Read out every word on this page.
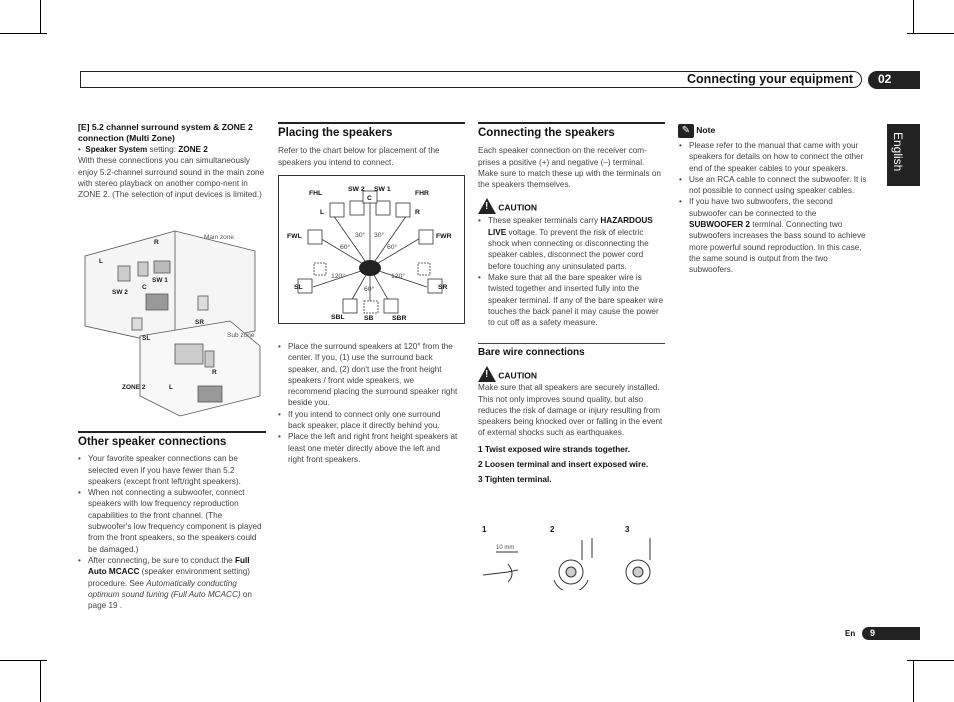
Connecting your equipment	02
English

[E] 5.2 channel surround system & ZONE 2 connection (Multi Zone)

•  Speaker System setting: ZONE 2

With these connections you can simultaneously enjoy 5.2-channel surround sound in the main zone with stereo playback on another compo-nent in ZONE 2. (The selection of input devices is limited.)

Main zone
Sub zone
L
R
C
SW 2
SW 1
SL
SR
ZONE 2	L
R

Other speaker connections

• Your favorite speaker connections can be selected even if you have fewer than 5.2 speakers (except front left/right speakers).
• When not connecting a subwoofer, connect speakers with low frequency reproduction capabilities to the front channel. (The subwoofer's low frequency component is played from the front speakers, so the speakers could be damaged.)
• After connecting, be sure to conduct the Full Auto MCACC (speaker environment setting) procedure. See Automatically conducting optimum sound tuning (Full Auto MCACC) on page 19 .

Placing the speakers

Refer to the chart below for placement of the speakers you intend to connect.

FHL
SW 2 SW 1
FHR
C
L	R
FWL	FWR
SL	SR
SBL	SB	SBR
30° 30°
60°	60°
120°	120°
60°
• Place the surround speakers at 120° from the center. If you, (1) use the surround back speaker, and, (2) don't use the front height speakers / front wide speakers, we recommend placing the surround speaker right beside you.
• If you intend to connect only one surround back speaker, place it directly behind you.
• Place the left and right front height speakers at least one meter directly above the left and right front speakers.

Connecting the speakers

Each speaker connection on the receiver com-prises a positive (+) and negative (–) terminal. Make sure to match these up with the terminals on the speakers themselves.

! CAUTION

• These speaker terminals carry HAZARDOUS LIVE voltage. To prevent the risk of electric shock when connecting or disconnecting the speaker cables, disconnect the power cord before touching any uninsulated parts.
• Make sure that all the bare speaker wire is twisted together and inserted fully into the speaker terminal. If any of the bare speaker wire touches the back panel it may cause the power to cut off as a safety measure.

Bare wire connections

! CAUTION

Make sure that all speakers are securely installed. This not only improves sound quality, but also reduces the risk of damage or injury resulting from speakers being knocked over or falling in the event of external shocks such as earthquakes.

1 Twist exposed wire strands together.

2 Loosen terminal and insert exposed wire.

3 Tighten terminal.

1	2	3
10 mm

✎ Note

• Please refer to the manual that came with your speakers for details on how to connect the other end of the speaker cables to your speakers.
• Use an RCA cable to connect the subwoofer. It is not possible to connect using speaker cables.
• If you have two subwoofers, the second subwoofer can be connected to the SUBWOOFER 2 terminal. Connecting two subwoofers increases the bass sound to achieve more powerful sound reproduction. In this case, the same sound is output from the two subwoofers.
En	9
